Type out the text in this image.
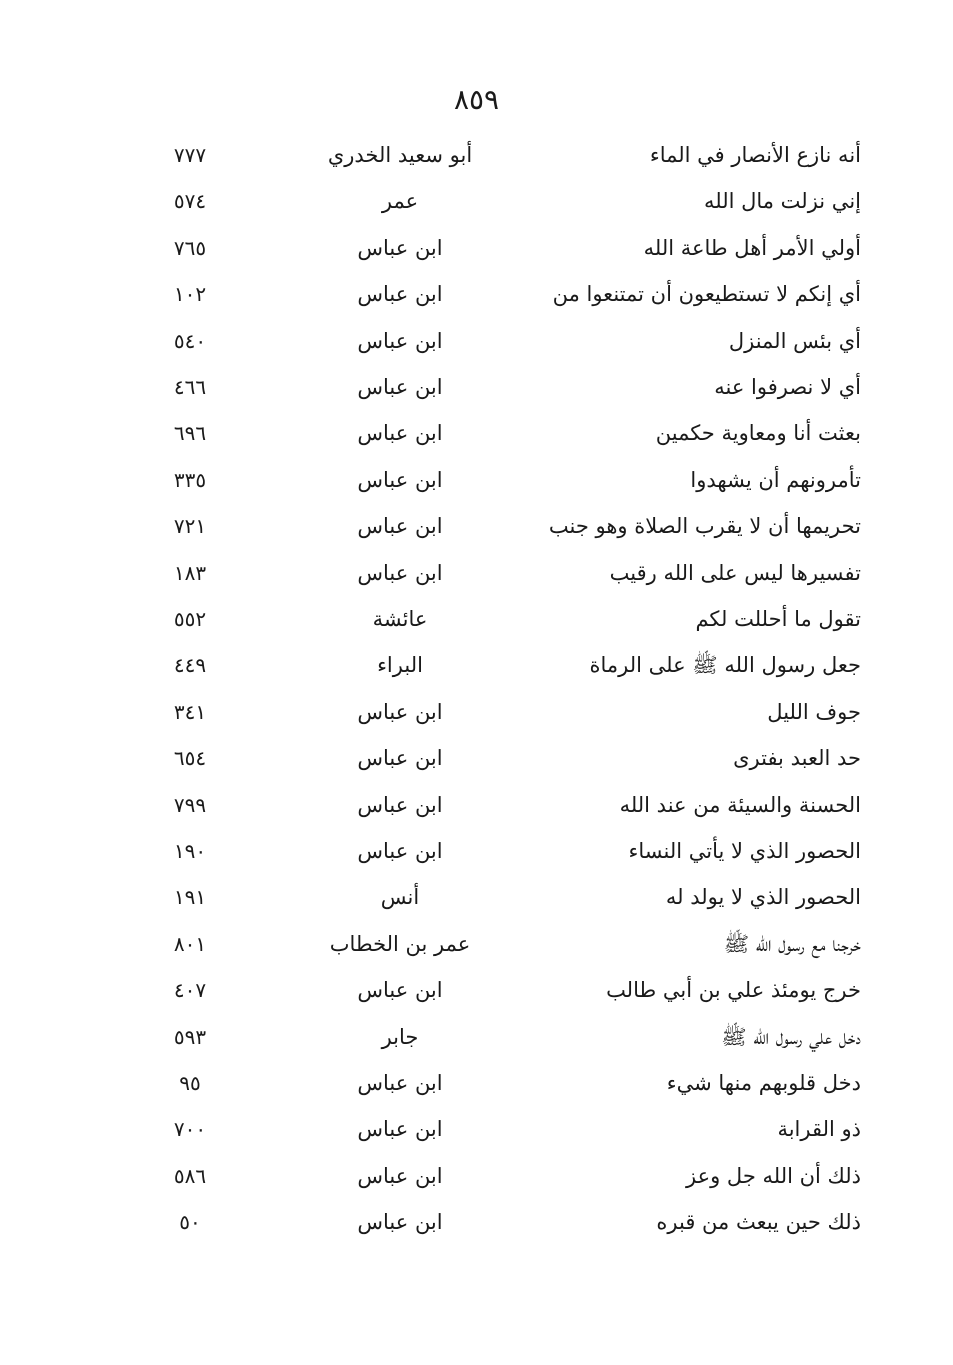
٨٥٩
أنه نازع الأنصار في الماء
أبو سعيد الخدري
٧٧٧
إني نزلت مال الله
عمر
٥٧٤
أولي الأمر أهل طاعة الله
ابن عباس
٧٦٥
أي إنكم لا تستطيعون أن تمتنعوا من
ابن عباس
١٠٢
أي بئس المنزل
ابن عباس
٥٤٠
أي لا نصرفوا عنه
ابن عباس
٤٦٦
بعثت أنا ومعاوية حكمين
ابن عباس
٦٩٦
تأمرونهم أن يشهدوا
ابن عباس
٣٣٥
تحريمها أن لا يقرب الصلاة وهو جنب
ابن عباس
٧٢١
تفسيرها ليس على الله رقيب
ابن عباس
١٨٣
تقول ما أحللت لكم
عائشة
٥٥٢
جعل رسول الله ﷺ على الرماة
البراء
٤٤٩
جوف الليل
ابن عباس
٣٤١
حد العبد بفترى
ابن عباس
٦٥٤
الحسنة والسيئة من عند الله
ابن عباس
٧٩٩
الحصور الذي لا يأتي النساء
ابن عباس
١٩٠
الحصور الذي لا يولد له
أنس
١٩١
خرجنا مع رسول الله ﷺ
عمر بن الخطاب
٨٠١
خرج يومئذ علي بن أبي طالب
ابن عباس
٤٠٧
دخل علي رسول الله ﷺ
جابر
٥٩٣
دخل قلوبهم منها شيء
ابن عباس
٩٥
ذو القرابة
ابن عباس
٧٠٠
ذلك أن الله جل وعز
ابن عباس
٥٨٦
ذلك حين يبعث من قبره
ابن عباس
٥٠
